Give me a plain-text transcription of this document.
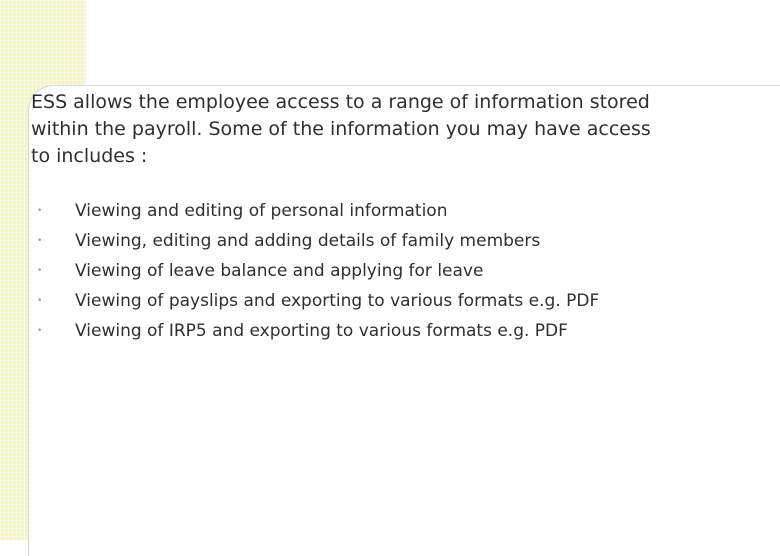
ESS allows the employee access to a range of information stored within the payroll. Some of the information you may have access to includes :

• Viewing and editing of personal information
• Viewing, editing and adding details of family members
• Viewing of leave balance and applying for leave
• Viewing of payslips and exporting to various formats e.g. PDF
• Viewing of IRP5 and exporting to various formats e.g. PDF
